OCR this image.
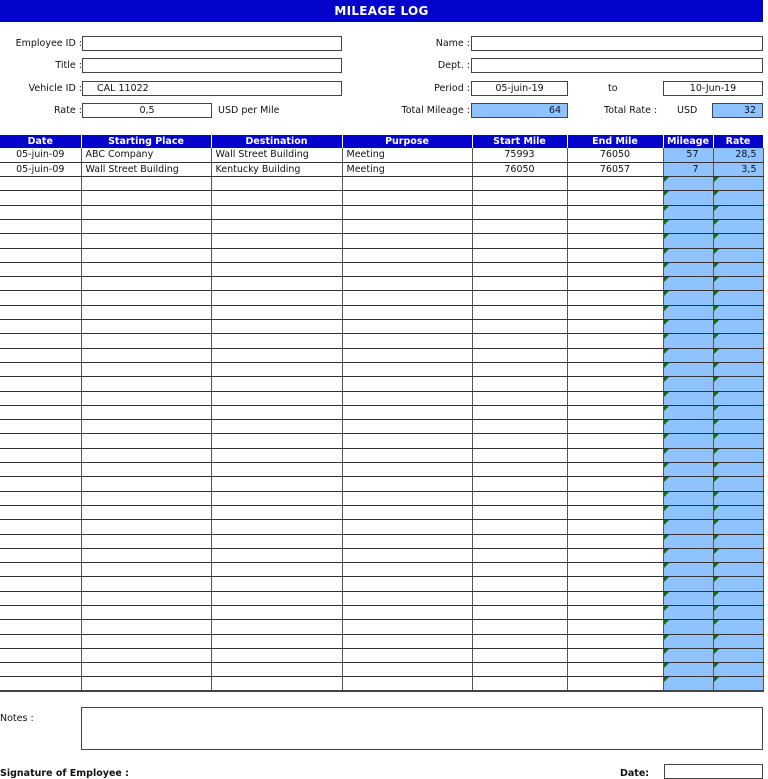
MILEAGE LOG
Employee ID :
Title :
Vehicle ID :	CAL 11022
Rate :	0,5	USD per Mile
Name :
Dept. :
Period :	05-juin-19	to	10-Jun-19
Total Mileage :	64	Total Rate : USD	32
Date	Starting Place	Destination	Purpose	Start Mile	End Mile	Mileage	Rate
05-juin-09	ABC Company	Wall Street Building	Meeting	75993	76050	57	28,5
05-juin-09	Wall Street Building	Kentucky Building	Meeting	76050	76057	7	3,5

Notes :
Signature of Employee :	Date:
